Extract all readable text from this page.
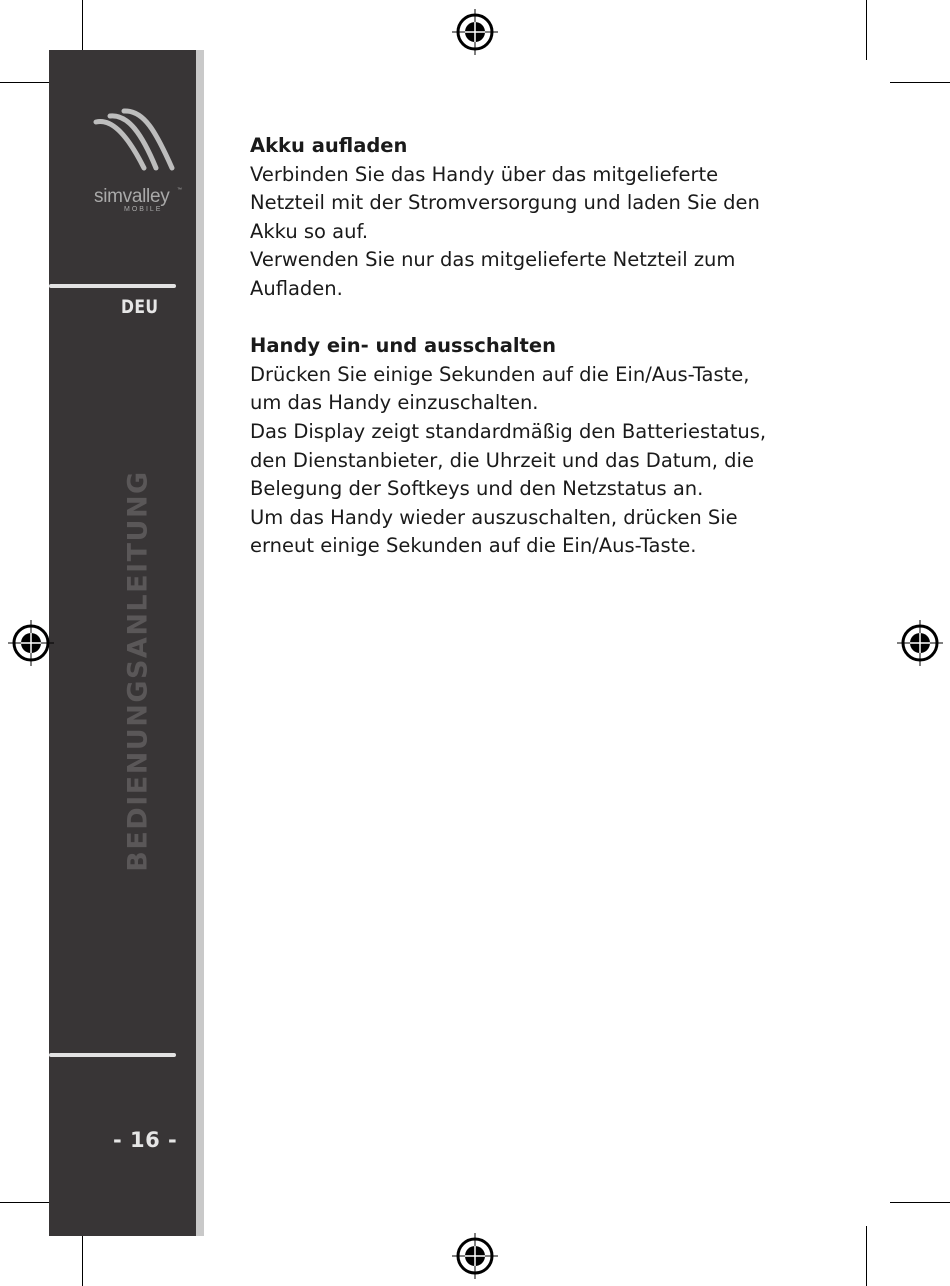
simvalley ™
MOBILE
DEU
BEDIENUNGSANLEITUNG
- 16 -
Akku aufladen

Verbinden Sie das Handy über das mitgelieferte

Netzteil mit der Stromversorgung und laden Sie den

Akku so auf.

Verwenden Sie nur das mitgelieferte Netzteil zum

Aufladen.

Handy ein- und ausschalten

Drücken Sie einige Sekunden auf die Ein/Aus-Taste,

um das Handy einzuschalten.

Das Display zeigt standardmäßig den Batteriestatus,

den Dienstanbieter, die Uhrzeit und das Datum, die

Belegung der Softkeys und den Netzstatus an.

Um das Handy wieder auszuschalten, drücken Sie

erneut einige Sekunden auf die Ein/Aus-Taste.
